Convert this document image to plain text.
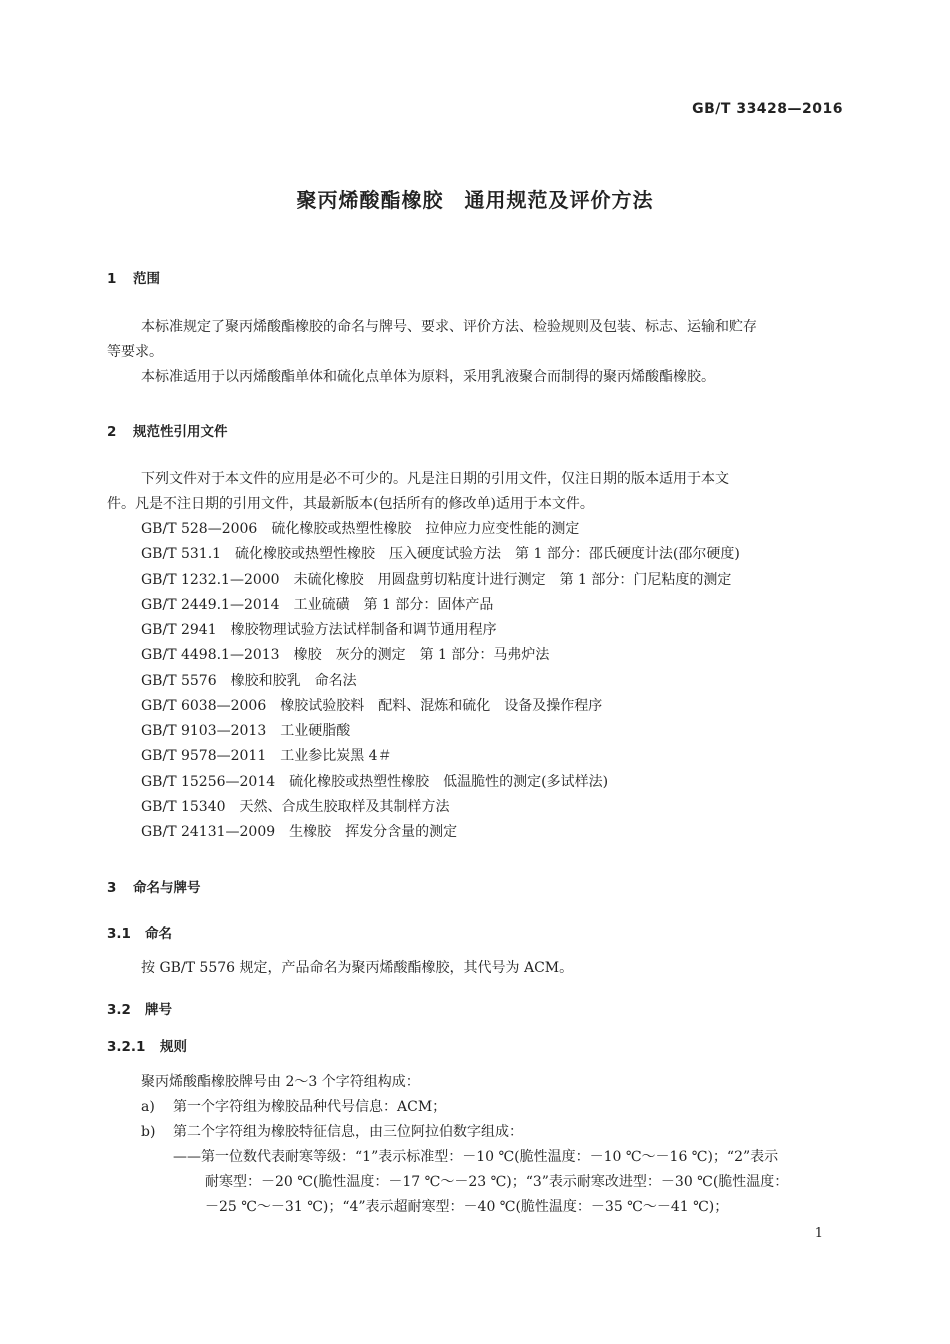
GB/T 33428—2016
聚丙烯酸酯橡胶　通用规范及评价方法
1 范围
本标准规定了聚丙烯酸酯橡胶的命名与牌号、要求、评价方法、检验规则及包装、标志、运输和贮存
等要求。
本标准适用于以丙烯酸酯单体和硫化点单体为原料，采用乳液聚合而制得的聚丙烯酸酯橡胶。
2 规范性引用文件
下列文件对于本文件的应用是必不可少的。凡是注日期的引用文件，仅注日期的版本适用于本文
件。凡是不注日期的引用文件，其最新版本(包括所有的修改单)适用于本文件。
GB/T 528—2006　硫化橡胶或热塑性橡胶　拉伸应力应变性能的测定
GB/T 531.1　硫化橡胶或热塑性橡胶　压入硬度试验方法　第 1 部分：邵氏硬度计法(邵尔硬度)
GB/T 1232.1—2000　未硫化橡胶　用圆盘剪切粘度计进行测定　第 1 部分：门尼粘度的测定
GB/T 2449.1—2014　工业硫磺　第 1 部分：固体产品
GB/T 2941　橡胶物理试验方法试样制备和调节通用程序
GB/T 4498.1—2013　橡胶　灰分的测定　第 1 部分：马弗炉法
GB/T 5576　橡胶和胶乳　命名法
GB/T 6038—2006　橡胶试验胶料　配料、混炼和硫化　设备及操作程序
GB/T 9103—2013　工业硬脂酸
GB/T 9578—2011　工业参比炭黑 4＃
GB/T 15256—2014　硫化橡胶或热塑性橡胶　低温脆性的测定(多试样法)
GB/T 15340　天然、合成生胶取样及其制样方法
GB/T 24131—2009　生橡胶　挥发分含量的测定
3 命名与牌号
3.1 命名
按 GB/T 5576 规定，产品命名为聚丙烯酸酯橡胶，其代号为 ACM。
3.2 牌号
3.2.1 规则
聚丙烯酸酯橡胶牌号由 2～3 个字符组构成：
a) 第一个字符组为橡胶品种代号信息：ACM；
b) 第二个字符组为橡胶特征信息，由三位阿拉伯数字组成：
——第一位数代表耐寒等级：“1”表示标准型：－10 ℃(脆性温度：－10 ℃～－16 ℃)；“2”表示
耐寒型：－20 ℃(脆性温度：－17 ℃～－23 ℃)；“3”表示耐寒改进型：－30 ℃(脆性温度：
－25 ℃～－31 ℃)；“4”表示超耐寒型：－40 ℃(脆性温度：－35 ℃～－41 ℃)；
1
